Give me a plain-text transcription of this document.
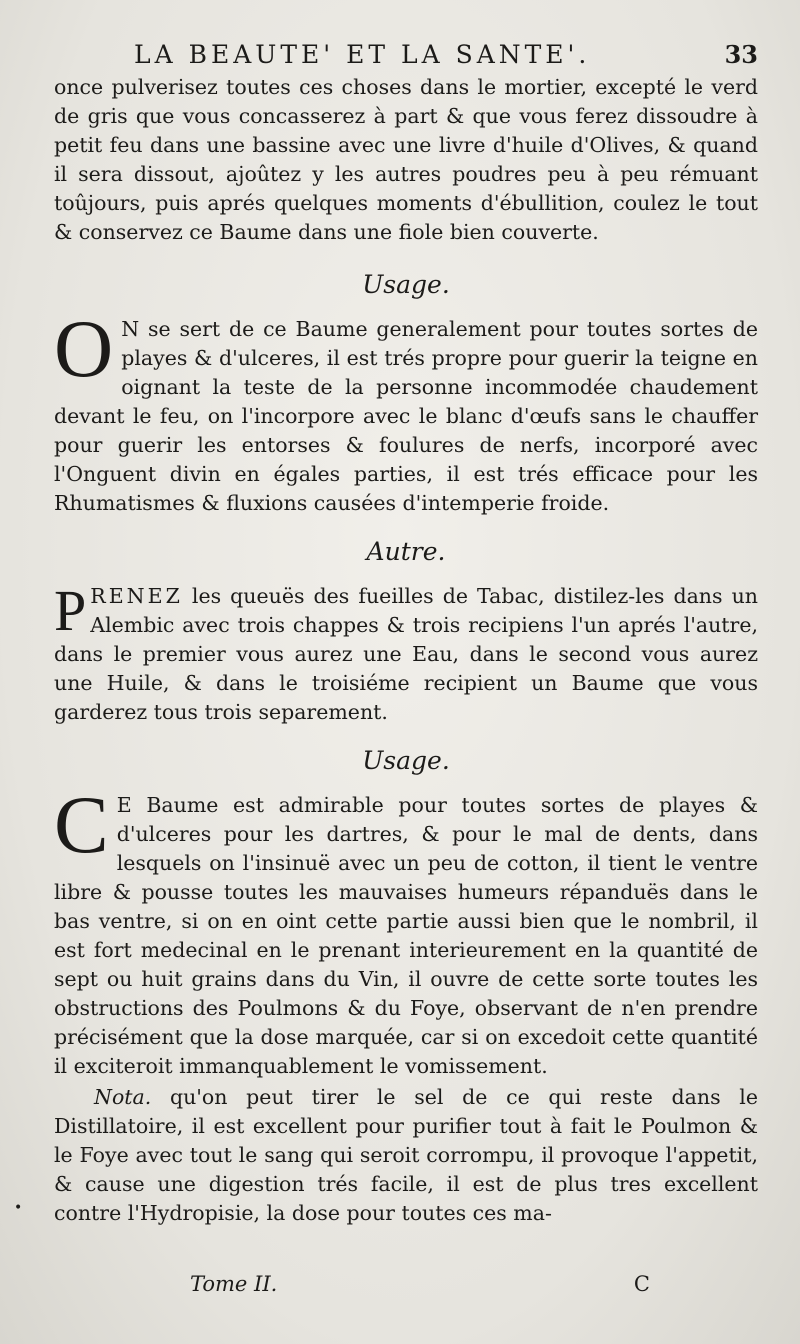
LA BEAUTE' ET LA SANTE'.	33

once pulverisez toutes ces choses dans le mortier, excepté le verd de gris que vous concasserez à part & que vous ferez dissoudre à petit feu dans une bassine avec une livre d'huile d'Olives, & quand il sera dissout, ajoûtez y les autres poudres peu à peu rémuant toûjours, puis aprés quelques moments d'ébullition, coulez le tout & conservez ce Baume dans une fiole bien couverte.

Usage.

O N se sert de ce Baume generalement pour toutes sortes de playes & d'ulceres, il est trés propre pour guerir la teigne en oignant la teste de la personne incommodée chaudement devant le feu, on l'incorpore avec le blanc d'œufs sans le chauffer pour guerir les entorses & foulures de nerfs, incorporé avec l'Onguent divin en égales parties, il est trés efficace pour les Rhumatismes & fluxions causées d'intemperie froide.

Autre.

PRENEZ les queuës des fueilles de Tabac, distilez-les dans un Alembic avec trois chappes & trois recipiens l'un aprés l'autre, dans le premier vous aurez une Eau, dans le second vous aurez une Huile, & dans le troisiéme recipient un Baume que vous garderez tous trois separement.

Usage.

C E Baume est admirable pour toutes sortes de playes & d'ulceres pour les dartres, & pour le mal de dents, dans lesquels on l'insinuë avec un peu de cotton, il tient le ventre libre & pousse toutes les mauvaises humeurs répanduës dans le bas ventre, si on en oint cette partie aussi bien que le nombril, il est fort medecinal en le prenant interieurement en la quantité de sept ou huit grains dans du Vin, il ouvre de cette sorte toutes les obstructions des Poulmons & du Foye, observant de n'en prendre précisément que la dose marquée, car si on excedoit cette quantité il exciteroit immanquablement le vomissement.

Nota. qu'on peut tirer le sel de ce qui reste dans le Distillatoire, il est excellent pour purifier tout à fait le Poulmon & le Foye avec tout le sang qui seroit corrompu, il provoque l'appetit, & cause une digestion trés facile, il est de plus tres excellent contre l'Hydropisie, la dose pour toutes ces ma-

•
Tome II.	C
